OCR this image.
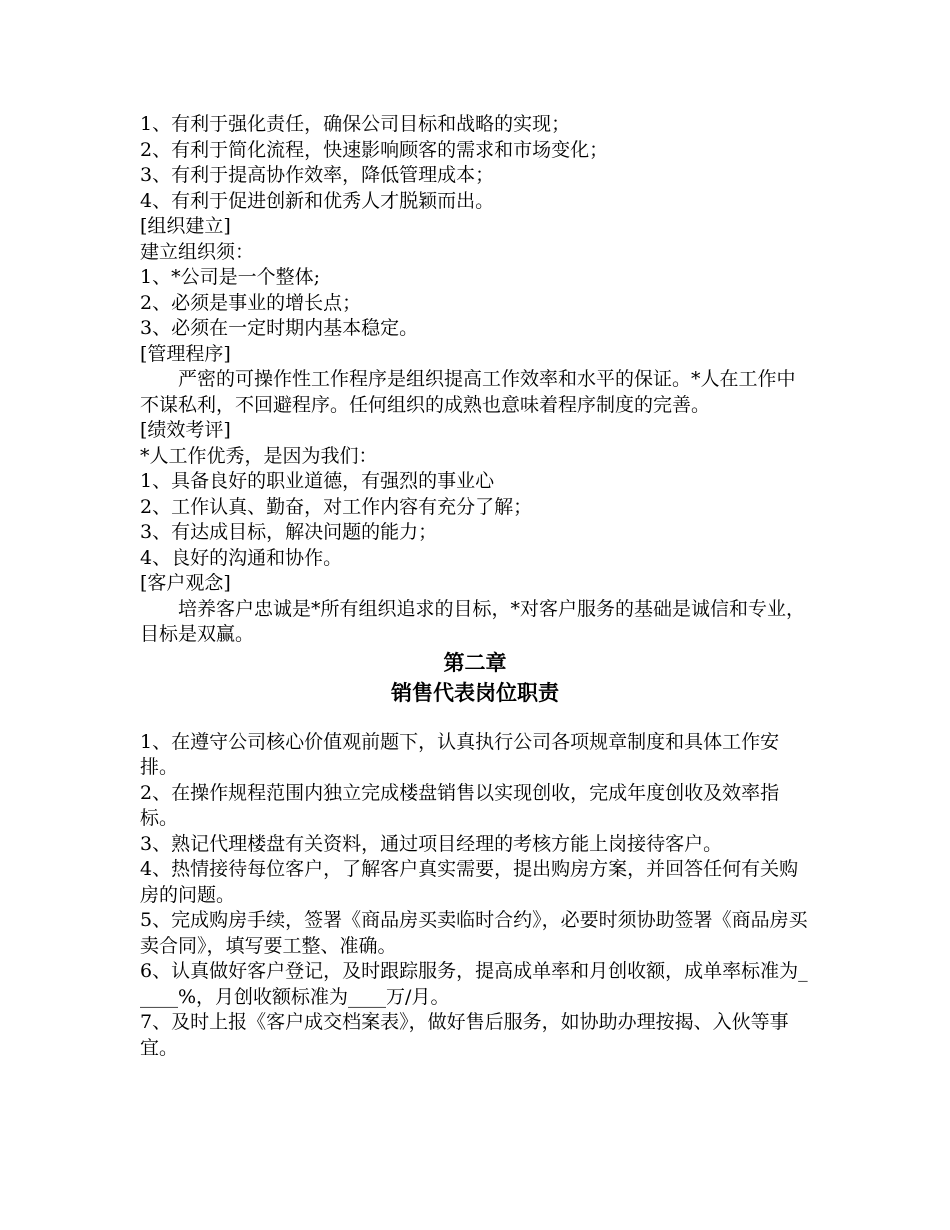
1、有利于强化责任，确保公司目标和战略的实现；
2、有利于简化流程，快速影响顾客的需求和市场变化；
3、有利于提高协作效率，降低管理成本；
4、有利于促进创新和优秀人才脱颖而出。
[组织建立]
建立组织须：
1、*公司是一个整体;
2、必须是事业的增长点；
3、必须在一定时期内基本稳定。
[管理程序]
严密的可操作性工作程序是组织提高工作效率和水平的保证。*人在工作中不谋私利，不回避程序。任何组织的成熟也意味着程序制度的完善。
[绩效考评]
*人工作优秀，是因为我们：
1、具备良好的职业道德，有强烈的事业心
2、工作认真、勤奋，对工作内容有充分了解；
3、有达成目标，解决问题的能力；
4、良好的沟通和协作。
[客户观念]
培养客户忠诚是*所有组织追求的目标，*对客户服务的基础是诚信和专业，目标是双赢。
第二章
销售代表岗位职责
1、在遵守公司核心价值观前题下，认真执行公司各项规章制度和具体工作安排。
2、在操作规程范围内独立完成楼盘销售以实现创收，完成年度创收及效率指标。
3、熟记代理楼盘有关资料，通过项目经理的考核方能上岗接待客户。
4、热情接待每位客户，了解客户真实需要，提出购房方案，并回答任何有关购房的问题。
5、完成购房手续，签署《商品房买卖临时合约》，必要时须协助签署《商品房买卖合同》，填写要工整、准确。
6、认真做好客户登记，及时跟踪服务，提高成单率和月创收额，成单率标准为_____%，月创收额标准为____万/月。
7、及时上报《客户成交档案表》，做好售后服务，如协助办理按揭、入伙等事宜。
